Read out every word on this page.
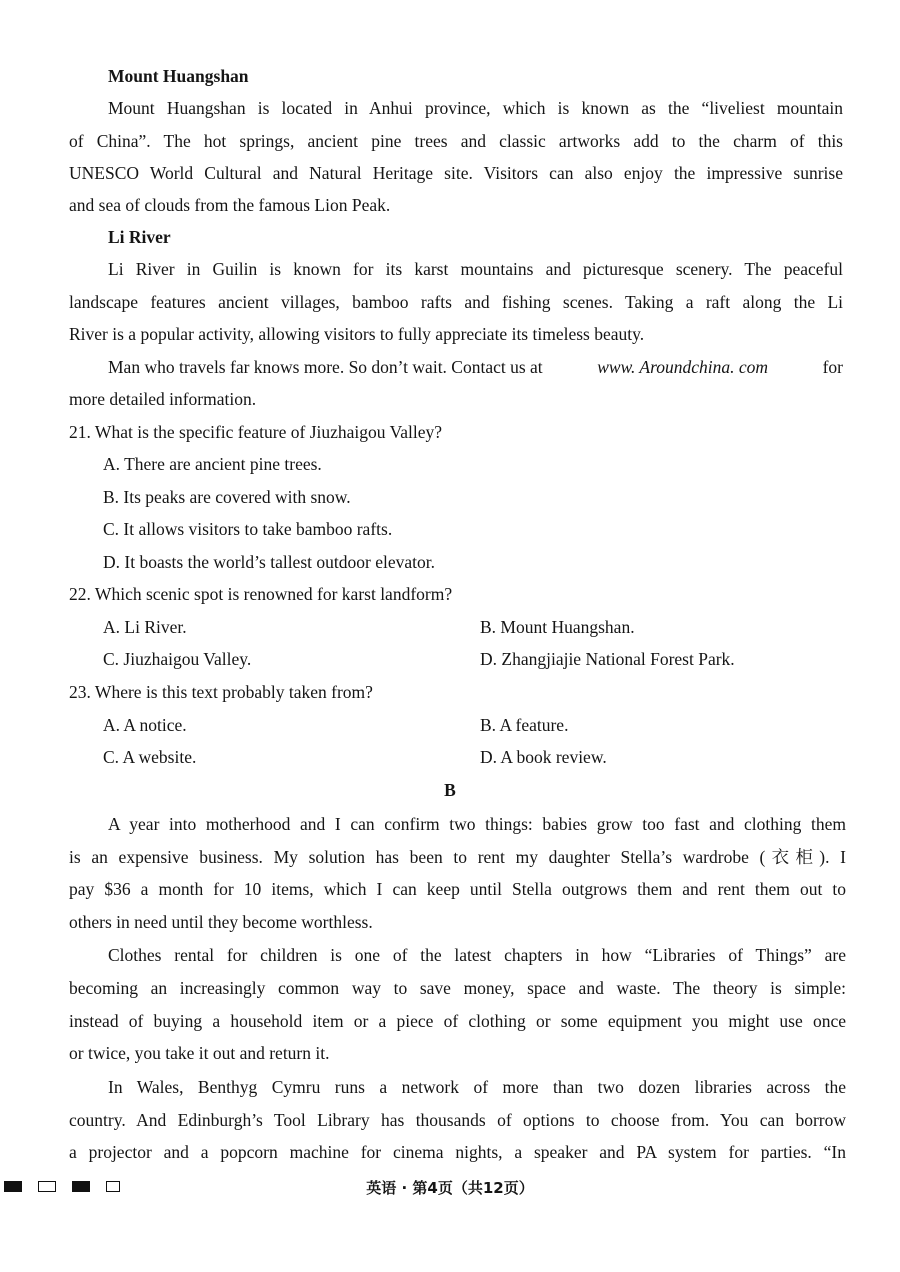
Mount Huangshan
Mount Huangshan is located in Anhui province, which is known as the “liveliest mountain
of China”. The hot springs, ancient pine trees and classic artworks add to the charm of this
UNESCO World Cultural and Natural Heritage site. Visitors can also enjoy the impressive sunrise
and sea of clouds from the famous Lion Peak.
Li River
Li River in Guilin is known for its karst mountains and picturesque scenery. The peaceful
landscape features ancient villages, bamboo rafts and fishing scenes. Taking a raft along the Li
River is a popular activity, allowing visitors to fully appreciate its timeless beauty.
Man who travels far knows more. So don’t wait. Contact us at	www. Aroundchina. com	for
more detailed information.
21. What is the specific feature of Jiuzhaigou Valley?
A. There are ancient pine trees.
B. Its peaks are covered with snow.
C. It allows visitors to take bamboo rafts.
D. It boasts the world’s tallest outdoor elevator.
22. Which scenic spot is renowned for karst landform?
A. Li River.	B. Mount Huangshan.
C. Jiuzhaigou Valley.	D. Zhangjiajie National Forest Park.
23. Where is this text probably taken from?
A. A notice.	B. A feature.
C. A website.	D. A book review.
B
A year into motherhood and I can confirm two things: babies grow too fast and clothing them
is an expensive business. My solution has been to rent my daughter Stella’s wardrobe (衣柜). I
pay $36 a month for 10 items, which I can keep until Stella outgrows them and rent them out to
others in need until they become worthless.
Clothes rental for children is one of the latest chapters in how “Libraries of Things” are
becoming an increasingly common way to save money, space and waste. The theory is simple:
instead of buying a household item or a piece of clothing or some equipment you might use once
or twice, you take it out and return it.
In Wales, Benthyg Cymru runs a network of more than two dozen libraries across the
country. And Edinburgh’s Tool Library has thousands of options to choose from. You can borrow
a projector and a popcorn machine for cinema nights, a speaker and PA system for parties. “In
英语 · 第4页（共12页）
